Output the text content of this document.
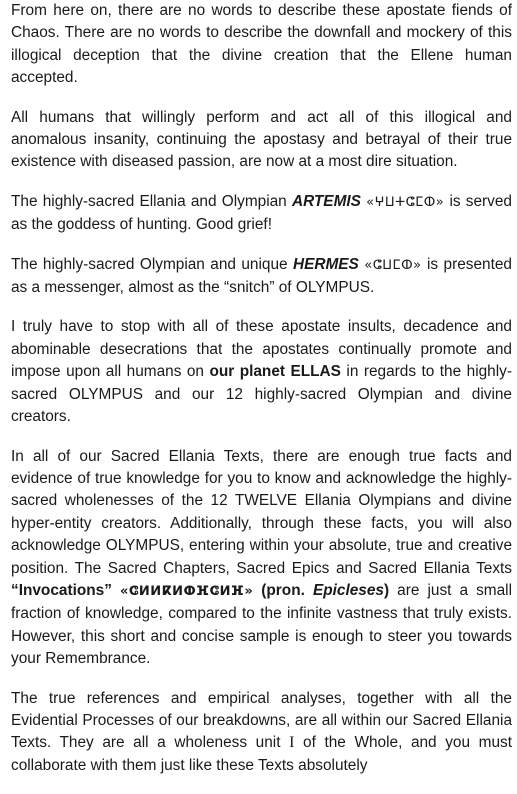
From here on, there are no words to describe these apostate fiends of Chaos. There are no words to describe the downfall and mockery of this illogical deception that the divine creation that the Ellene human accepted.

All humans that willingly perform and act all of this illogical and anomalous insanity, continuing the apostasy and betrayal of their true existence with diseased passion, are now at a most dire situation.

The highly-sacred Ellania and Olympian ARTEMIS «ⵖⵡⵜⵛⵎⵀ» is served as the goddess of hunting. Good grief!

The highly-sacred Olympian and unique HERMES «ⵛⵡⵎⵀ» is presented as a messenger, almost as the “snitch” of OLYMPUS.

I truly have to stop with all of these apostate insults, decadence and abominable desecrations that the apostates continually promote and impose upon all humans on our planet ELLAS in regards to the highly-sacred OLYMPUS and our 12 highly-sacred Olympian and divine creators.

In all of our Sacred Ellania Texts, there are enough true facts and evidence of true knowledge for you to know and acknowledge the highly-sacred wholenesses of the 12 TWELVE Ellania Olympians and divine hyper-entity creators. Additionally, through these facts, you will also acknowledge OLYMPUS, entering within your absolute, true and creative position. The Sacred Chapters, Sacred Epics and Sacred Ellania Texts “Invocations” «ⵛⵍⵍⴽⵍⵀⴼⵛⵍⴼ» (pron. Epicleses) are just a small fraction of knowledge, compared to the infinite vastness that truly exists. However, this short and concise sample is enough to steer you towards your Remembrance.

The true references and empirical analyses, together with all the Evidential Processes of our breakdowns, are all within our Sacred Ellania Texts. They are all a wholeness unit I of the Whole, and you must collaborate with them just like these Texts absolutely
